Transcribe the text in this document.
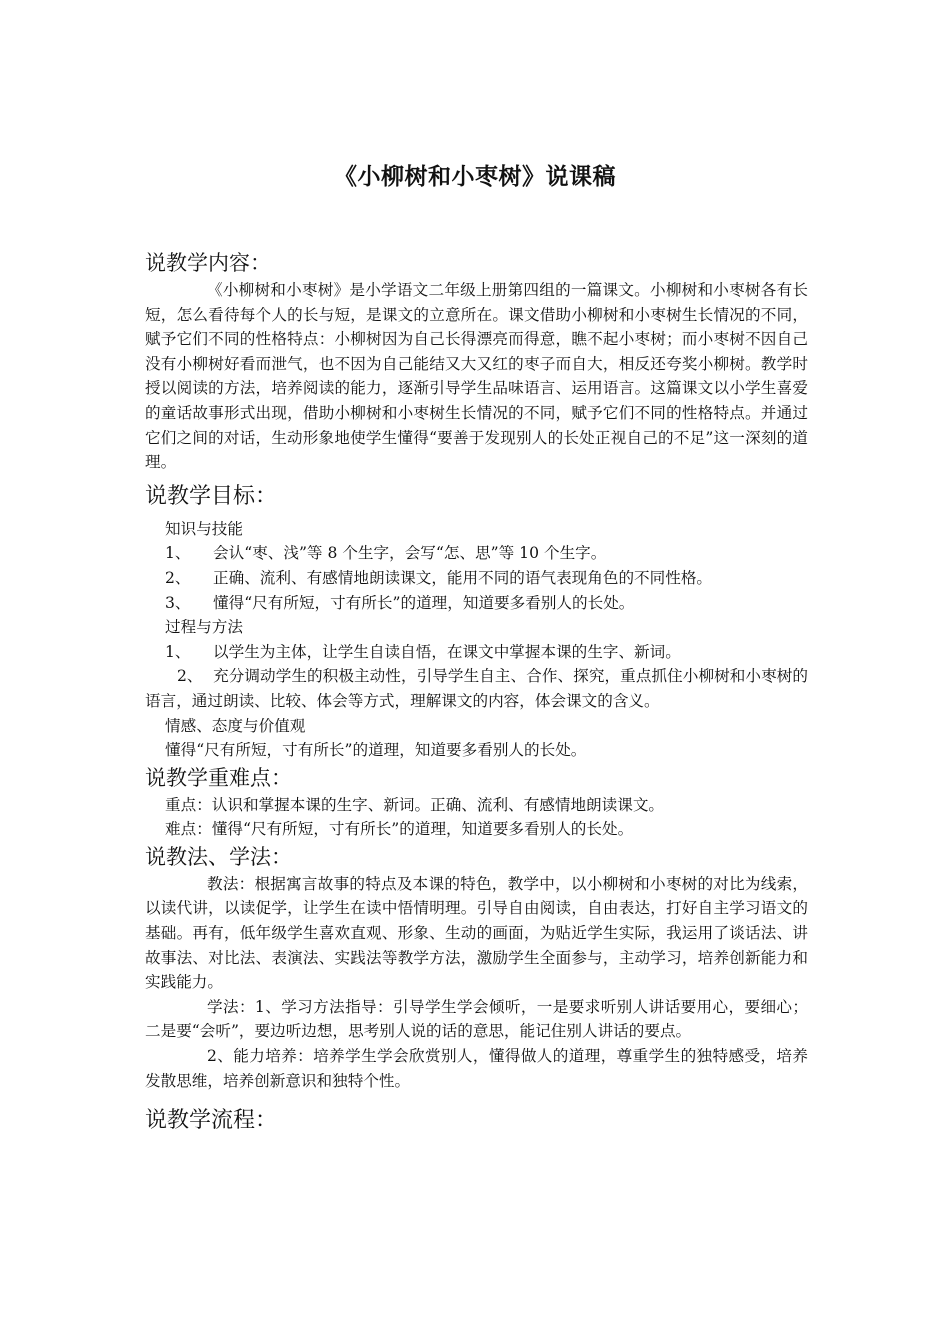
《小柳树和小枣树》说课稿

说教学内容：

《小柳树和小枣树》是小学语文二年级上册第四组的一篇课文。小柳树和小枣树各有长短，怎么看待每个人的长与短，是课文的立意所在。课文借助小柳树和小枣树生长情况的不同，赋予它们不同的性格特点：小柳树因为自己长得漂亮而得意，瞧不起小枣树；而小枣树不因自己没有小柳树好看而泄气，也不因为自己能结又大又红的枣子而自大，相反还夸奖小柳树。教学时授以阅读的方法，培养阅读的能力，逐渐引导学生品味语言、运用语言。这篇课文以小学生喜爱的童话故事形式出现，借助小柳树和小枣树生长情况的不同，赋予它们不同的性格特点。并通过它们之间的对话，生动形象地使学生懂得“要善于发现别人的长处正视自己的不足”这一深刻的道理。

说教学目标：

知识与技能

1、 会认“枣、浅”等 8 个生字，会写“怎、思”等 10 个生字。

2、 正确、流利、有感情地朗读课文，能用不同的语气表现角色的不同性格。

3、 懂得“尺有所短，寸有所长”的道理，知道要多看别人的长处。

过程与方法

1、 以学生为主体，让学生自读自悟，在课文中掌握本课的生字、新词。

2、 充分调动学生的积极主动性，引导学生自主、合作、探究，重点抓住小柳树和小枣树的语言，通过朗读、比较、体会等方式，理解课文的内容，体会课文的含义。

情感、态度与价值观

懂得“尺有所短，寸有所长”的道理，知道要多看别人的长处。

说教学重难点：

重点：认识和掌握本课的生字、新词。正确、流利、有感情地朗读课文。

难点：懂得“尺有所短，寸有所长”的道理，知道要多看别人的长处。

说教法、学法：

教法：根据寓言故事的特点及本课的特色，教学中，以小柳树和小枣树的对比为线索，以读代讲，以读促学，让学生在读中悟情明理。引导自由阅读，自由表达，打好自主学习语文的基础。再有，低年级学生喜欢直观、形象、生动的画面，为贴近学生实际，我运用了谈话法、讲故事法、对比法、表演法、实践法等教学方法，激励学生全面参与，主动学习，培养创新能力和实践能力。

学法：1、学习方法指导：引导学生学会倾听，一是要求听别人讲话要用心，要细心；二是要“会听”，要边听边想，思考别人说的话的意思，能记住别人讲话的要点。

2、能力培养：培养学生学会欣赏别人，懂得做人的道理，尊重学生的独特感受，培养发散思维，培养创新意识和独特个性。

说教学流程：
